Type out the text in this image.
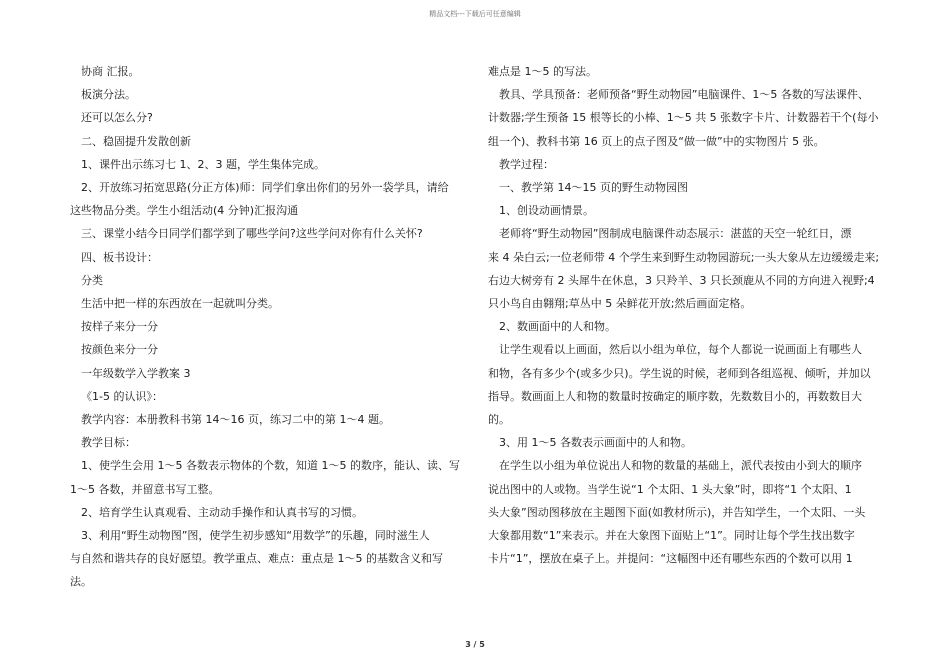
精品文档---下载后可任意编辑

协商 汇报。

板演分法。

还可以怎么分?

二、稳固提升发散创新

1、课件出示练习七 1、2、3 题，学生集体完成。

2、开放练习拓宽思路(分正方体)师：同学们拿出你们的另外一袋学具，请给

这些物品分类。学生小组活动(4 分钟)汇报沟通

三、课堂小结今日同学们都学到了哪些学问?这些学问对你有什么关怀?

四、板书设计：

分类

生活中把一样的东西放在一起就叫分类。

按样子来分一分

按颜色来分一分

一年级数学入学教案 3

《1-5 的认识》：

教学内容：本册教科书第 14～16 页，练习二中的第 1～4 题。

教学目标：

1、使学生会用 1～5 各数表示物体的个数，知道 1～5 的数序，能认、读、写

1～5 各数，并留意书写工整。

2、培育学生认真观看、主动动手操作和认真书写的习惯。

3、利用“野生动物图”图，使学生初步感知“用数学”的乐趣，同时滋生人

与自然和谐共存的良好愿望。教学重点、难点：重点是 1～5 的基数含义和写法。

难点是 1～5 的写法。

教具、学具预备：老师预备“野生动物园”电脑课件、1～5 各数的写法课件、

计数器;学生预备 15 根等长的小棒、1～5 共 5 张数字卡片、计数器若干个(每小

组一个)、教科书第 16 页上的点子图及“做一做”中的实物图片 5 张。

教学过程：

一、教学第 14～15 页的野生动物园图

1、创设动画情景。

老师将“野生动物园”图制成电脑课件动态展示：湛蓝的天空一轮红日，漂

来 4 朵白云;一位老师带 4 个学生来到野生动物园游玩;一头大象从左边缓缓走来;

右边大树旁有 2 头犀牛在休息，3 只羚羊、3 只长颈鹿从不同的方向进入视野;4

只小鸟自由翱翔;草丛中 5 朵鲜花开放;然后画面定格。

2、数画面中的人和物。

让学生观看以上画面，然后以小组为单位，每个人都说一说画面上有哪些人

和物，各有多少个(或多少只)。学生说的时候，老师到各组巡视、倾听，并加以

指导。数画面上人和物的数量时按确定的顺序数，先数数目小的，再数数目大

的。

3、用 1～5 各数表示画面中的人和物。

在学生以小组为单位说出人和物的数量的基础上，派代表按由小到大的顺序

说出图中的人或物。当学生说“1 个太阳、1 头大象”时，即将“1 个太阳、1

头大象”图动图移放在主题图下面(如教材所示)，并告知学生，一个太阳、一头

大象都用数“1”来表示。并在大象图下面贴上“1”。同时让每个学生找出数字

卡片“1”，摆放在桌子上。并提问：“这幅图中还有哪些东西的个数可以用 1

3 / 5
